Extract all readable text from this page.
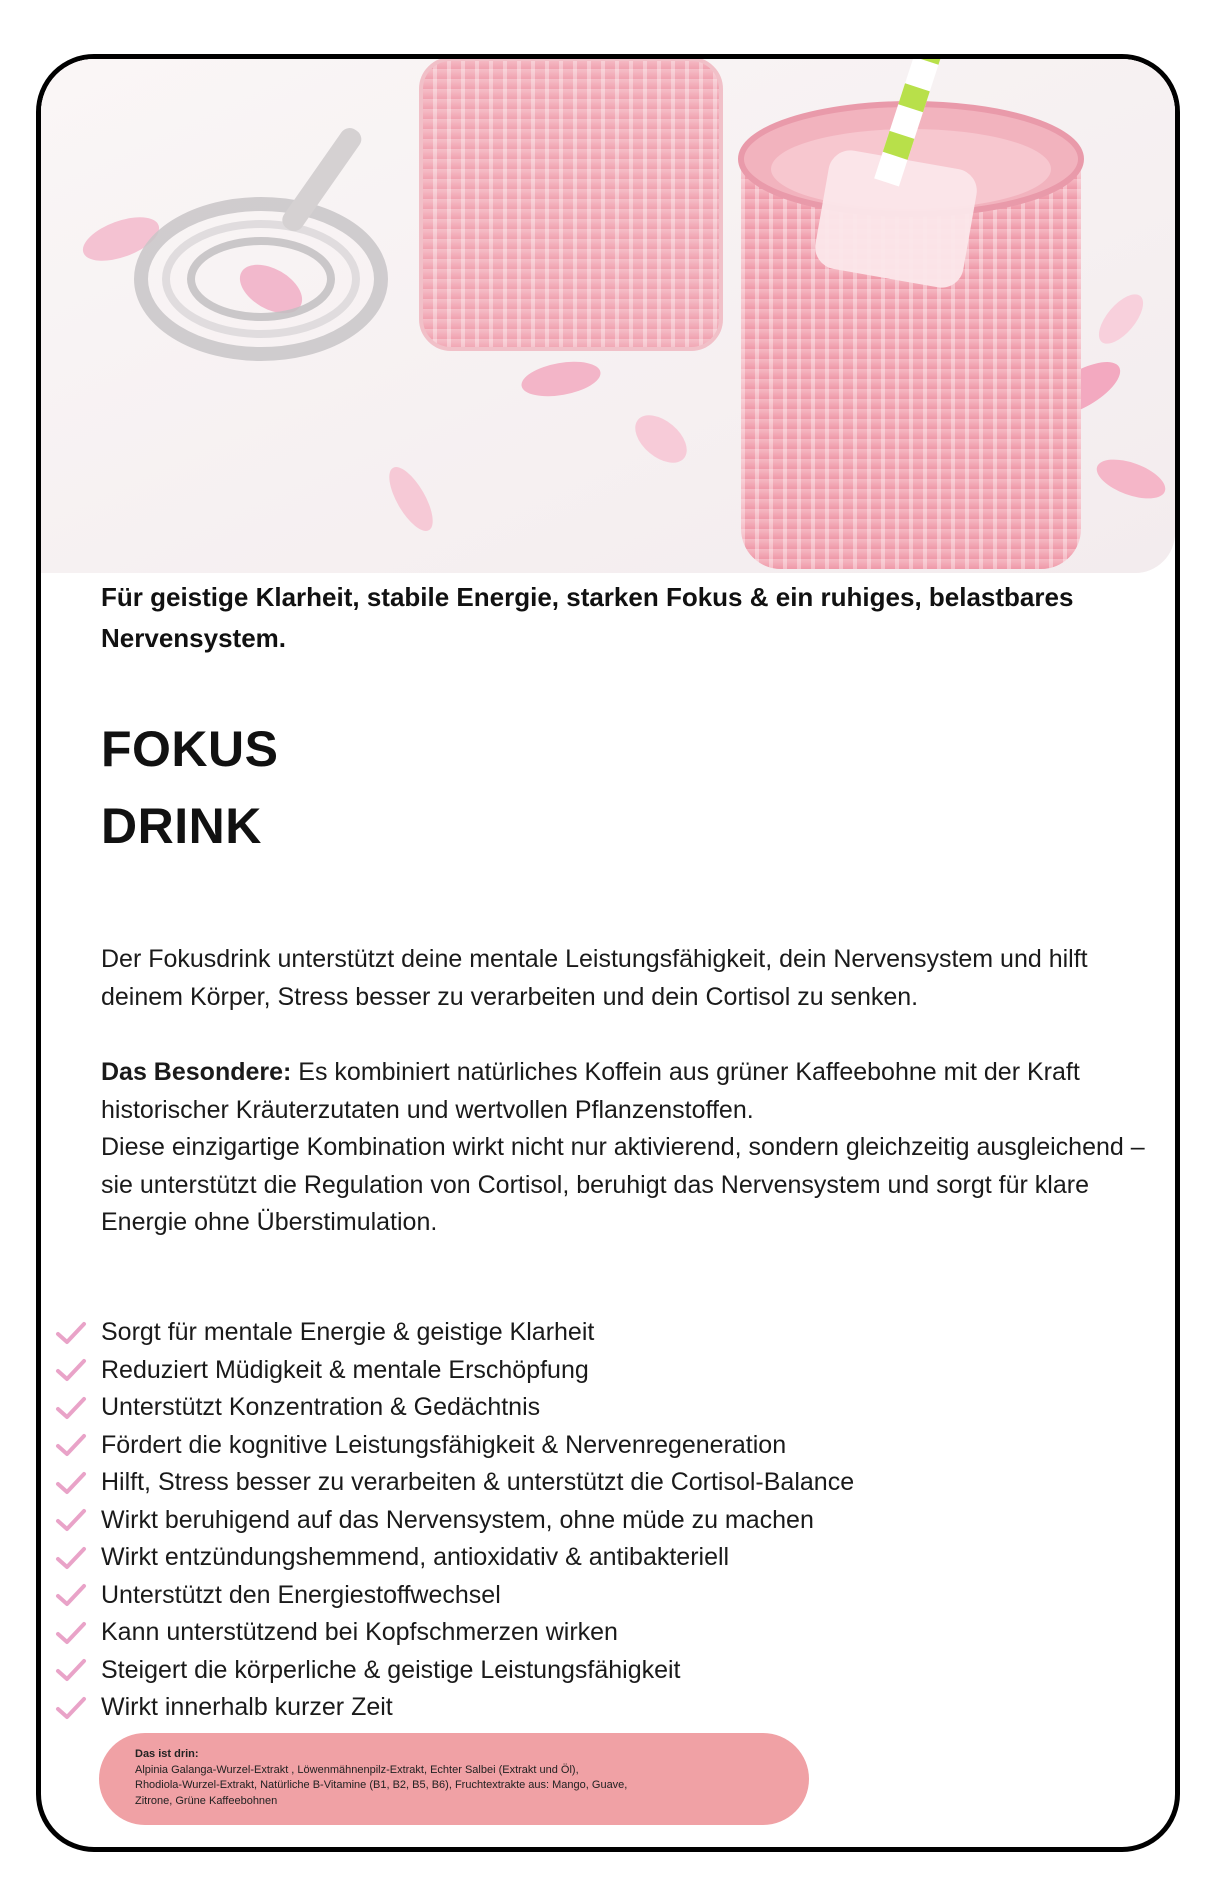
Für geistige Klarheit, stabile Energie, starken Fokus & ein ruhiges, belastbares Nervensystem.
FOKUS
DRINK

Der Fokusdrink unterstützt deine mentale Leistungsfähigkeit, dein Nervensystem und hilft deinem Körper, Stress besser zu verarbeiten und dein Cortisol zu senken.

Das Besondere: Es kombiniert natürliches Koffein aus grüner Kaffeebohne mit der Kraft historischer Kräuterzutaten und wertvollen Pflanzenstoffen.

Diese einzigartige Kombination wirkt nicht nur aktivierend, sondern gleichzeitig ausgleichend – sie unterstützt die Regulation von Cortisol, beruhigt das Nervensystem und sorgt für klare Energie ohne Überstimulation.

Sorgt für mentale Energie & geistige Klarheit
Reduziert Müdigkeit & mentale Erschöpfung
Unterstützt Konzentration & Gedächtnis
Fördert die kognitive Leistungsfähigkeit & Nervenregeneration
Hilft, Stress besser zu verarbeiten & unterstützt die Cortisol-Balance
Wirkt beruhigend auf das Nervensystem, ohne müde zu machen
Wirkt entzündungshemmend, antioxidativ & antibakteriell
Unterstützt den Energiestoffwechsel
Kann unterstützend bei Kopfschmerzen wirken
Steigert die körperliche & geistige Leistungsfähigkeit
Wirkt innerhalb kurzer Zeit
Das ist drin:
Alpinia Galanga-Wurzel-Extrakt , Löwenmähnenpilz-Extrakt, Echter Salbei (Extrakt und Öl),
Rhodiola-Wurzel-Extrakt, Natürliche B-Vitamine (B1, B2, B5, B6), Fruchtextrakte aus: Mango, Guave,
Zitrone, Grüne Kaffeebohnen
